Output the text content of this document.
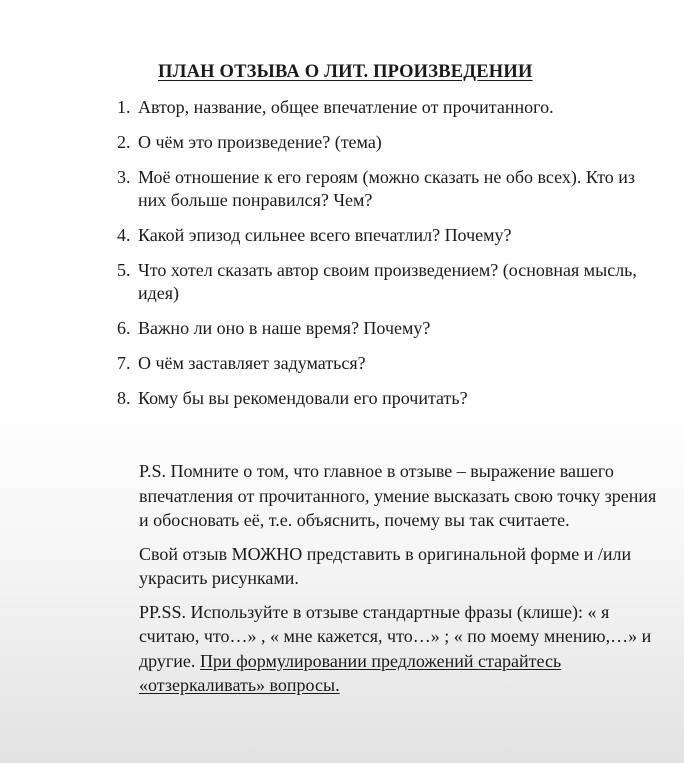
ПЛАН ОТЗЫВА О ЛИТ. ПРОИЗВЕДЕНИИ
1. Автор, название, общее впечатление от прочитанного.
2. О чём это произведение? (тема)
3. Моё отношение к его героям (можно сказать не обо всех). Кто из них больше понравился? Чем?
4. Какой эпизод сильнее всего впечатлил? Почему?
5. Что хотел сказать автор своим произведением? (основная мысль, идея)
6. Важно ли оно в наше время? Почему?
7. О чём заставляет задуматься?
8. Кому бы вы рекомендовали его прочитать?

P.S. Помните о том, что главное в отзыве – выражение вашего впечатления от прочитанного, умение высказать свою точку зрения и обосновать её, т.е. объяснить, почему вы так считаете.

Свой отзыв МОЖНО представить в оригинальной форме и /или украсить рисунками.

PP.SS. Используйте в отзыве стандартные фразы (клише): « я считаю, что…» , « мне кажется, что…» ; « по моему мнению,…» и другие. При формулировании предложений старайтесь «отзеркаливать» вопросы.
